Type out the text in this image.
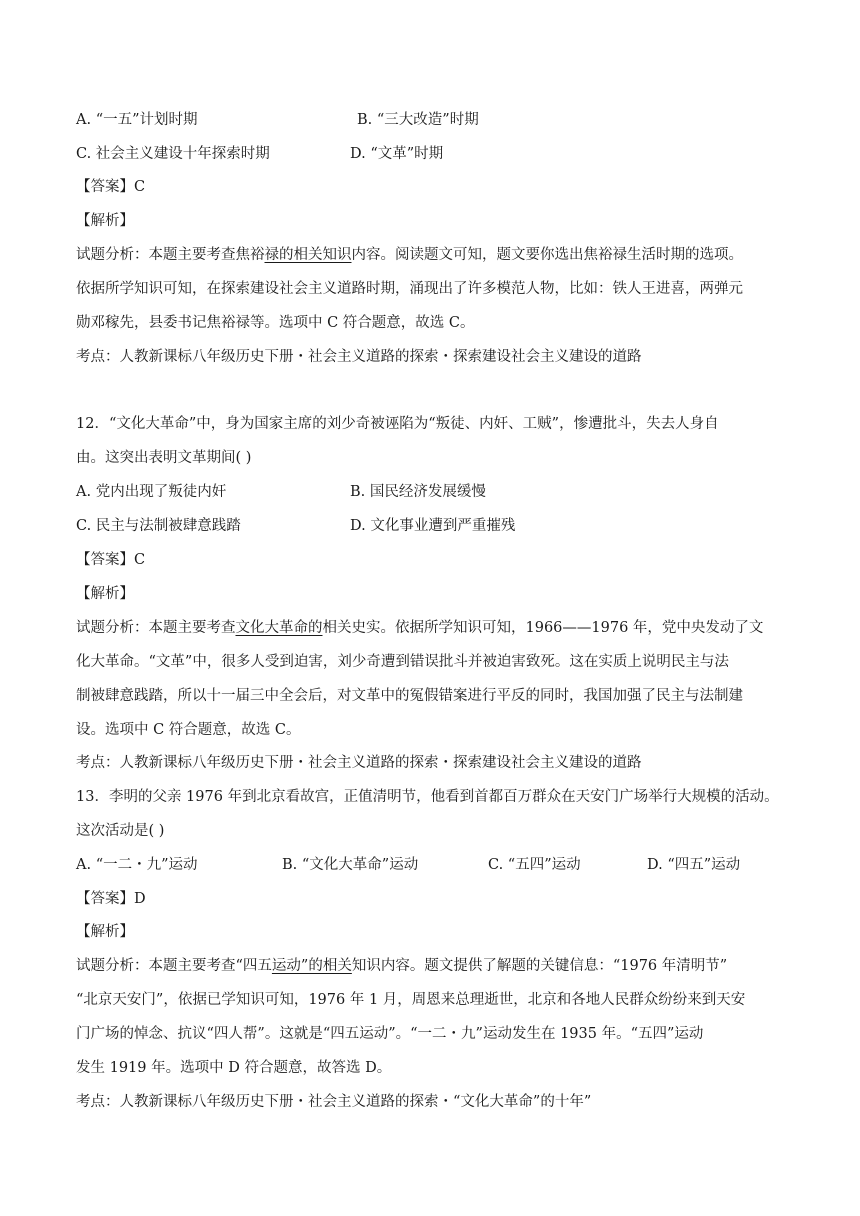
A. “一五”计划时期	B. “三大改造”时期
C. 社会主义建设十年探索时期	D. “文革”时期
【答案】C
【解析】
试题分析：本题主要考查焦裕禄的相关知识内容。阅读题文可知，题文要你选出焦裕禄生活时期的选项。
依据所学知识可知，在探索建设社会主义道路时期，涌现出了许多模范人物，比如：铁人王进喜，两弹元
勋邓稼先，县委书记焦裕禄等。选项中 C 符合题意，故选 C。
考点：人教新课标八年级历史下册・社会主义道路的探索・探索建设社会主义建设的道路
12．“文化大革命”中，身为国家主席的刘少奇被诬陷为“叛徒、内奸、工贼”，惨遭批斗，失去人身自
由。这突出表明文革期间( )
A. 党内出现了叛徒内奸	B. 国民经济发展缓慢
C. 民主与法制被肆意践踏	D. 文化事业遭到严重摧残
【答案】C
【解析】
试题分析：本题主要考查文化大革命的相关史实。依据所学知识可知，1966——1976 年，党中央发动了文
化大革命。“文革”中，很多人受到迫害，刘少奇遭到错误批斗并被迫害致死。这在实质上说明民主与法
制被肆意践踏，所以十一届三中全会后，对文革中的冤假错案进行平反的同时，我国加强了民主与法制建
设。选项中 C 符合题意，故选 C。
考点：人教新课标八年级历史下册・社会主义道路的探索・探索建设社会主义建设的道路
13．李明的父亲 1976 年到北京看故宫，正值清明节，他看到首都百万群众在天安门广场举行大规模的活动。
这次活动是( )
A. “一二・九”运动	B. “文化大革命”运动	C. “五四”运动	D. “四五”运动
【答案】D
【解析】
试题分析：本题主要考查“四五运动”的相关知识内容。题文提供了解题的关键信息：“1976 年清明节”
“北京天安门”，依据已学知识可知，1976 年 1 月，周恩来总理逝世，北京和各地人民群众纷纷来到天安
门广场的悼念、抗议“四人帮”。这就是“四五运动”。“一二・九”运动发生在 1935 年。“五四”运动
发生 1919 年。选项中 D 符合题意，故答选 D。
考点：人教新课标八年级历史下册・社会主义道路的探索・“文化大革命”的十年”
